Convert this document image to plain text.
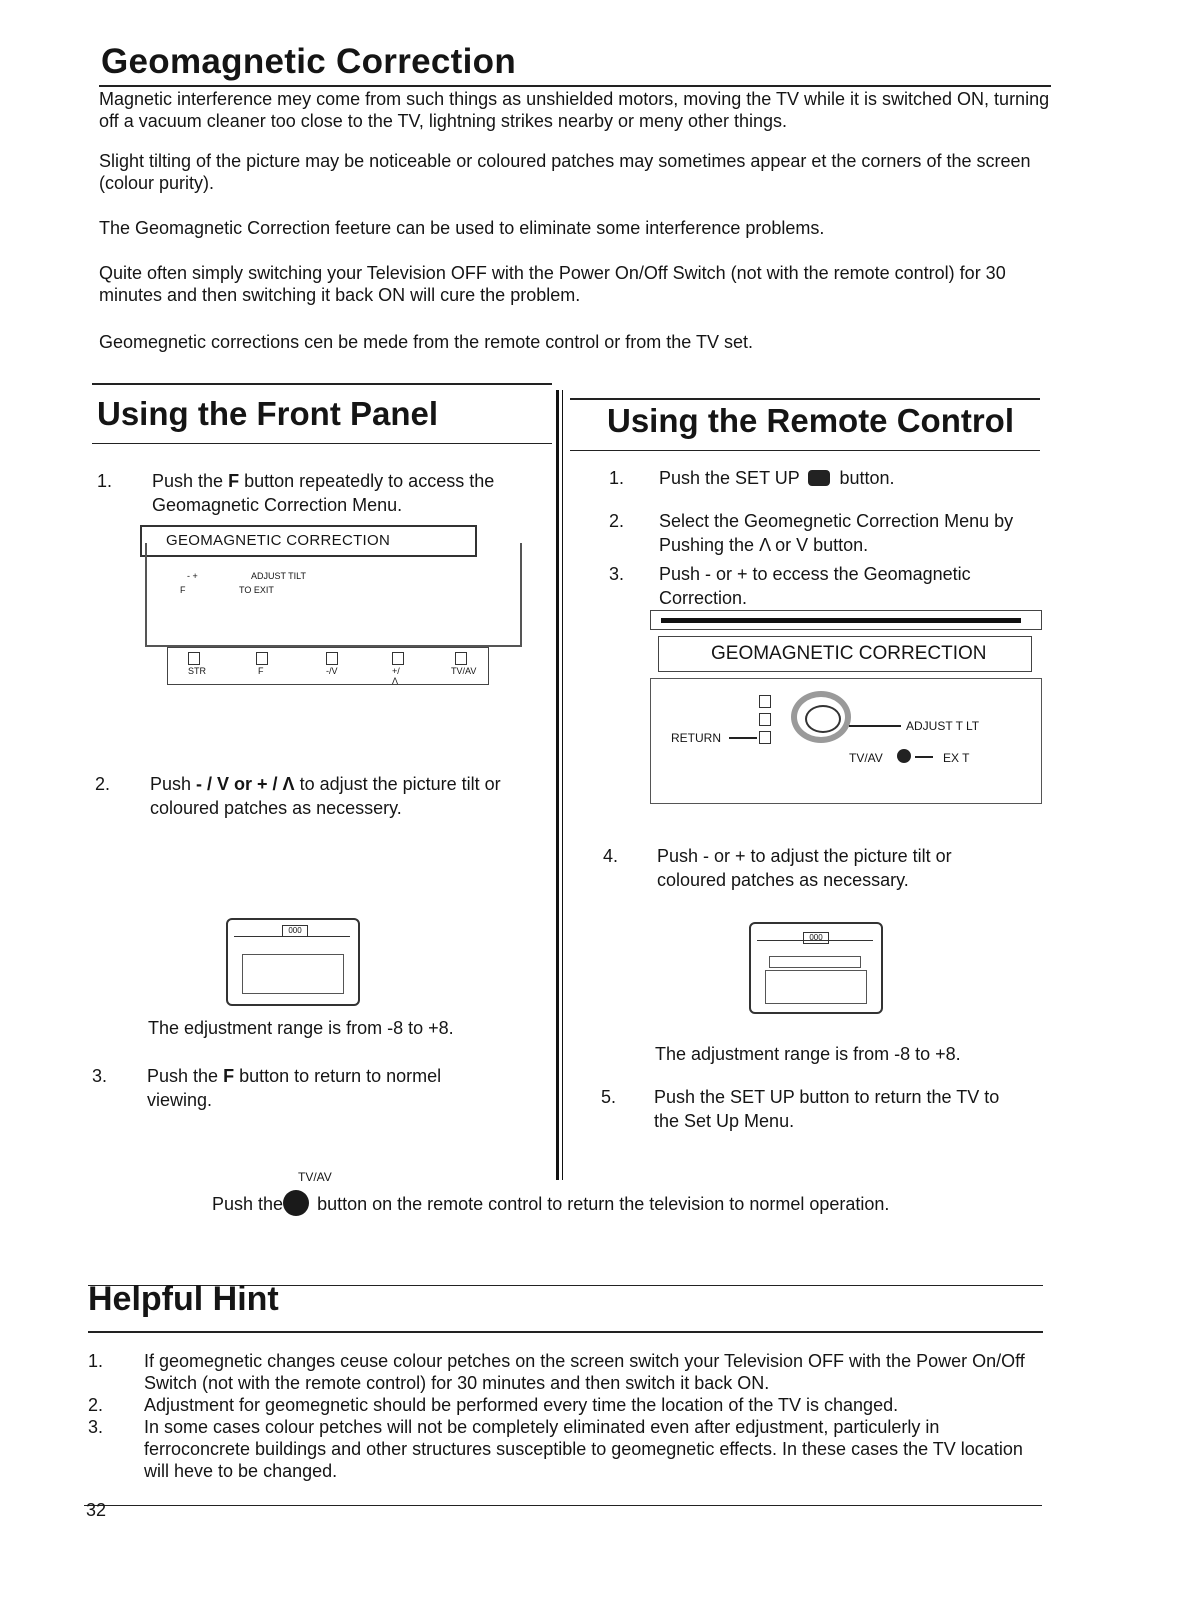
Geomagnetic Correction

Magnetic interference mey come from such things as unshielded motors, moving the TV while it is switched ON, turning off a vacuum cleaner too close to the TV, lightning strikes nearby or meny other things.

Slight tilting of the picture may be noticeable or coloured patches may sometimes appear et the corners of the screen (colour purity).

The Geomagnetic Correction feeture can be used to eliminate some interference problems.

Quite often simply switching your Television OFF with the Power On/Off Switch (not with the remote control) for 30 minutes and then switching it back ON will cure the problem.

Geomegnetic corrections cen be mede from the remote control or from the TV set.

Using the Front Panel
1. Push the F button repeatedly to access the Geomagnetic Correction Menu.
GEOMAGNETIC CORRECTION
- +	ADJUST TILT
F	TO EXIT
STR	F	-/V	+/Λ
TV/AV
2. Push - / V or + / Λ to adjust the picture tilt or coloured patches as necessery.
000

The edjustment range is from -8 to +8.

3. Push the F button to return to normel viewing.
Using the Remote Control
1. Push the SET UP button.
2. Select the Geomegnetic Correction Menu by Pushing the Λ or V button.
3. Push - or + to eccess the Geomagnetic Correction.
GEOMAGNETIC CORRECTION
RETURN
ADJUST T LT
TV/AV	EX T
4. Push - or + to adjust the picture tilt or coloured patches as necessary.
000

The adjustment range is from -8 to +8.

5. Push the SET UP button to return the TV to the Set Up Menu.
TV/AV
Push the button on the remote control to return the television to normel operation.
Helpful Hint
1. If geomegnetic changes ceuse colour petches on the screen switch your Television OFF with the Power On/Off Switch (not with the remote control) for 30 minutes and then switch it back ON.
2. Adjustment for geomegnetic should be performed every time the location of the TV is changed.
3. In some cases colour petches will not be completely eliminated even after edjustment, particulerly in ferroconcrete buildings and other structures susceptible to geomegnetic effects. In these cases the TV location will heve to be changed.
32
